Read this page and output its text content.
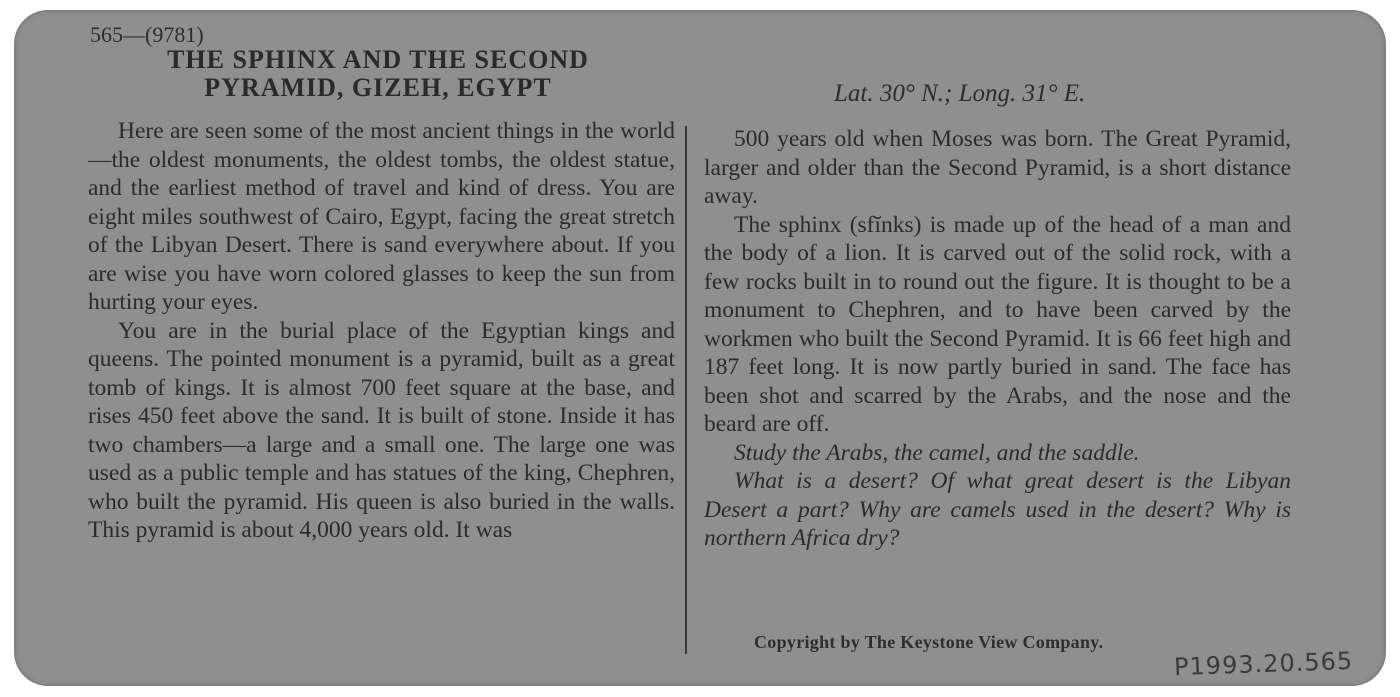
565—(9781)
THE SPHINX AND THE SECOND
PYRAMID, GIZEH, EGYPT	Lat. 30° N.; Long. 31° E.

Here are seen some of the most ancient things in the world—the oldest monuments, the oldest tombs, the oldest statue, and the earliest method of travel and kind of dress. You are eight miles southwest of Cairo, Egypt, facing the great stretch of the Libyan Desert. There is sand everywhere about. If you are wise you have worn colored glasses to keep the sun from hurting your eyes.

You are in the burial place of the Egyptian kings and queens. The pointed monument is a pyramid, built as a great tomb of kings. It is almost 700 feet square at the base, and rises 450 feet above the sand. It is built of stone. Inside it has two chambers—a large and a small one. The large one was used as a public temple and has statues of the king, Chephren, who built the pyramid. His queen is also buried in the walls. This pyramid is about 4,000 years old. It was

500 years old when Moses was born. The Great Pyramid, larger and older than the Second Pyramid, is a short distance away.

The sphinx (sfĭnks) is made up of the head of a man and the body of a lion. It is carved out of the solid rock, with a few rocks built in to round out the figure. It is thought to be a monument to Chephren, and to have been carved by the workmen who built the Second Pyramid. It is 66 feet high and 187 feet long. It is now partly buried in sand. The face has been shot and scarred by the Arabs, and the nose and the beard are off.

Study the Arabs, the camel, and the saddle.

What is a desert? Of what great desert is the Libyan Desert a part? Why are camels used in the desert? Why is northern Africa dry?

Copyright by The Keystone View Company.
P1993.20.565
